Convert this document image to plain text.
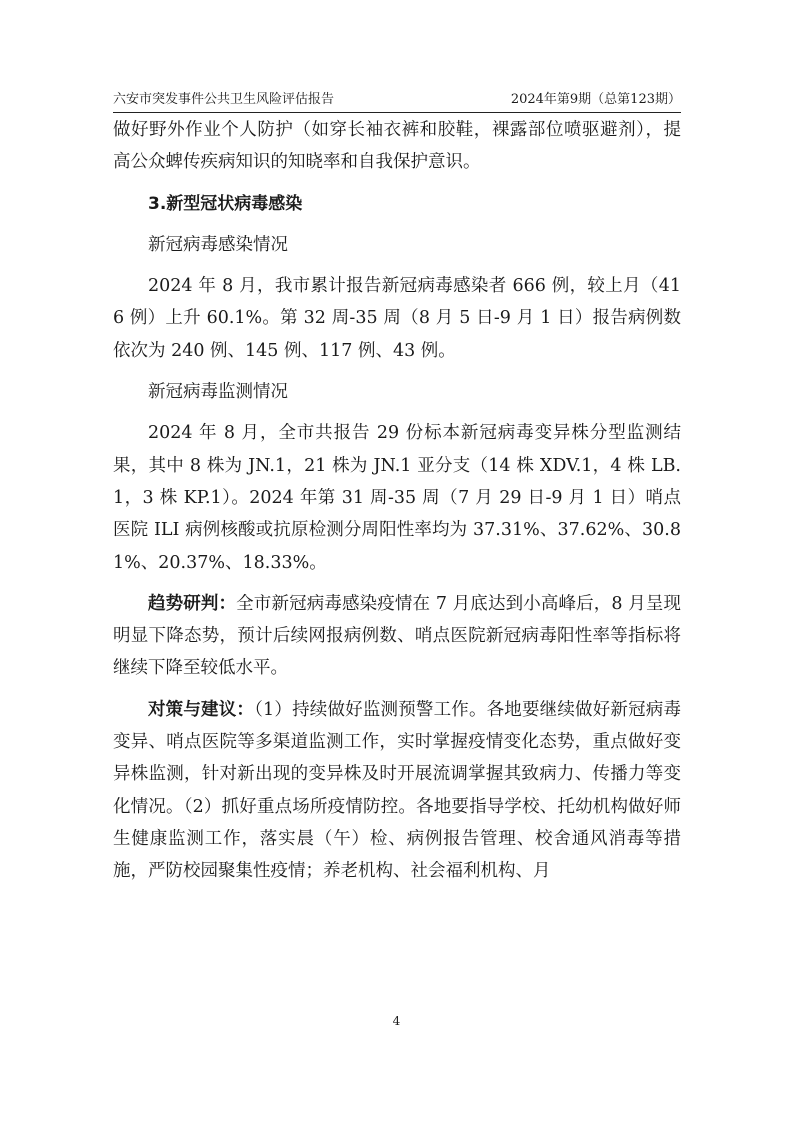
六安市突发事件公共卫生风险评估报告	2024年第9期（总第123期）

做好野外作业个人防护（如穿长袖衣裤和胶鞋，裸露部位喷驱避剂），提高公众蜱传疾病知识的知晓率和自我保护意识。

3.新型冠状病毒感染

新冠病毒感染情况

2024 年 8 月，我市累计报告新冠病毒感染者 666 例，较上月（416 例）上升 60.1%。第 32 周-35 周（8 月 5 日-9 月 1 日）报告病例数依次为 240 例、145 例、117 例、43 例。

新冠病毒监测情况

2024 年 8 月，全市共报告 29 份标本新冠病毒变异株分型监测结果，其中 8 株为 JN.1，21 株为 JN.1 亚分支（14 株 XDV.1，4 株 LB.1，3 株 KP.1）。2024 年第 31 周-35 周（7 月 29 日-9 月 1 日）哨点医院 ILI 病例核酸或抗原检测分周阳性率均为 37.31%、37.62%、30.81%、20.37%、18.33%。

趋势研判：全市新冠病毒感染疫情在 7 月底达到小高峰后，8 月呈现明显下降态势，预计后续网报病例数、哨点医院新冠病毒阳性率等指标将继续下降至较低水平。

对策与建议：（1）持续做好监测预警工作。各地要继续做好新冠病毒变异、哨点医院等多渠道监测工作，实时掌握疫情变化态势，重点做好变异株监测，针对新出现的变异株及时开展流调掌握其致病力、传播力等变化情况。（2）抓好重点场所疫情防控。各地要指导学校、托幼机构做好师生健康监测工作，落实晨（午）检、病例报告管理、校舍通风消毒等措施，严防校园聚集性疫情；养老机构、社会福利机构、月

4
